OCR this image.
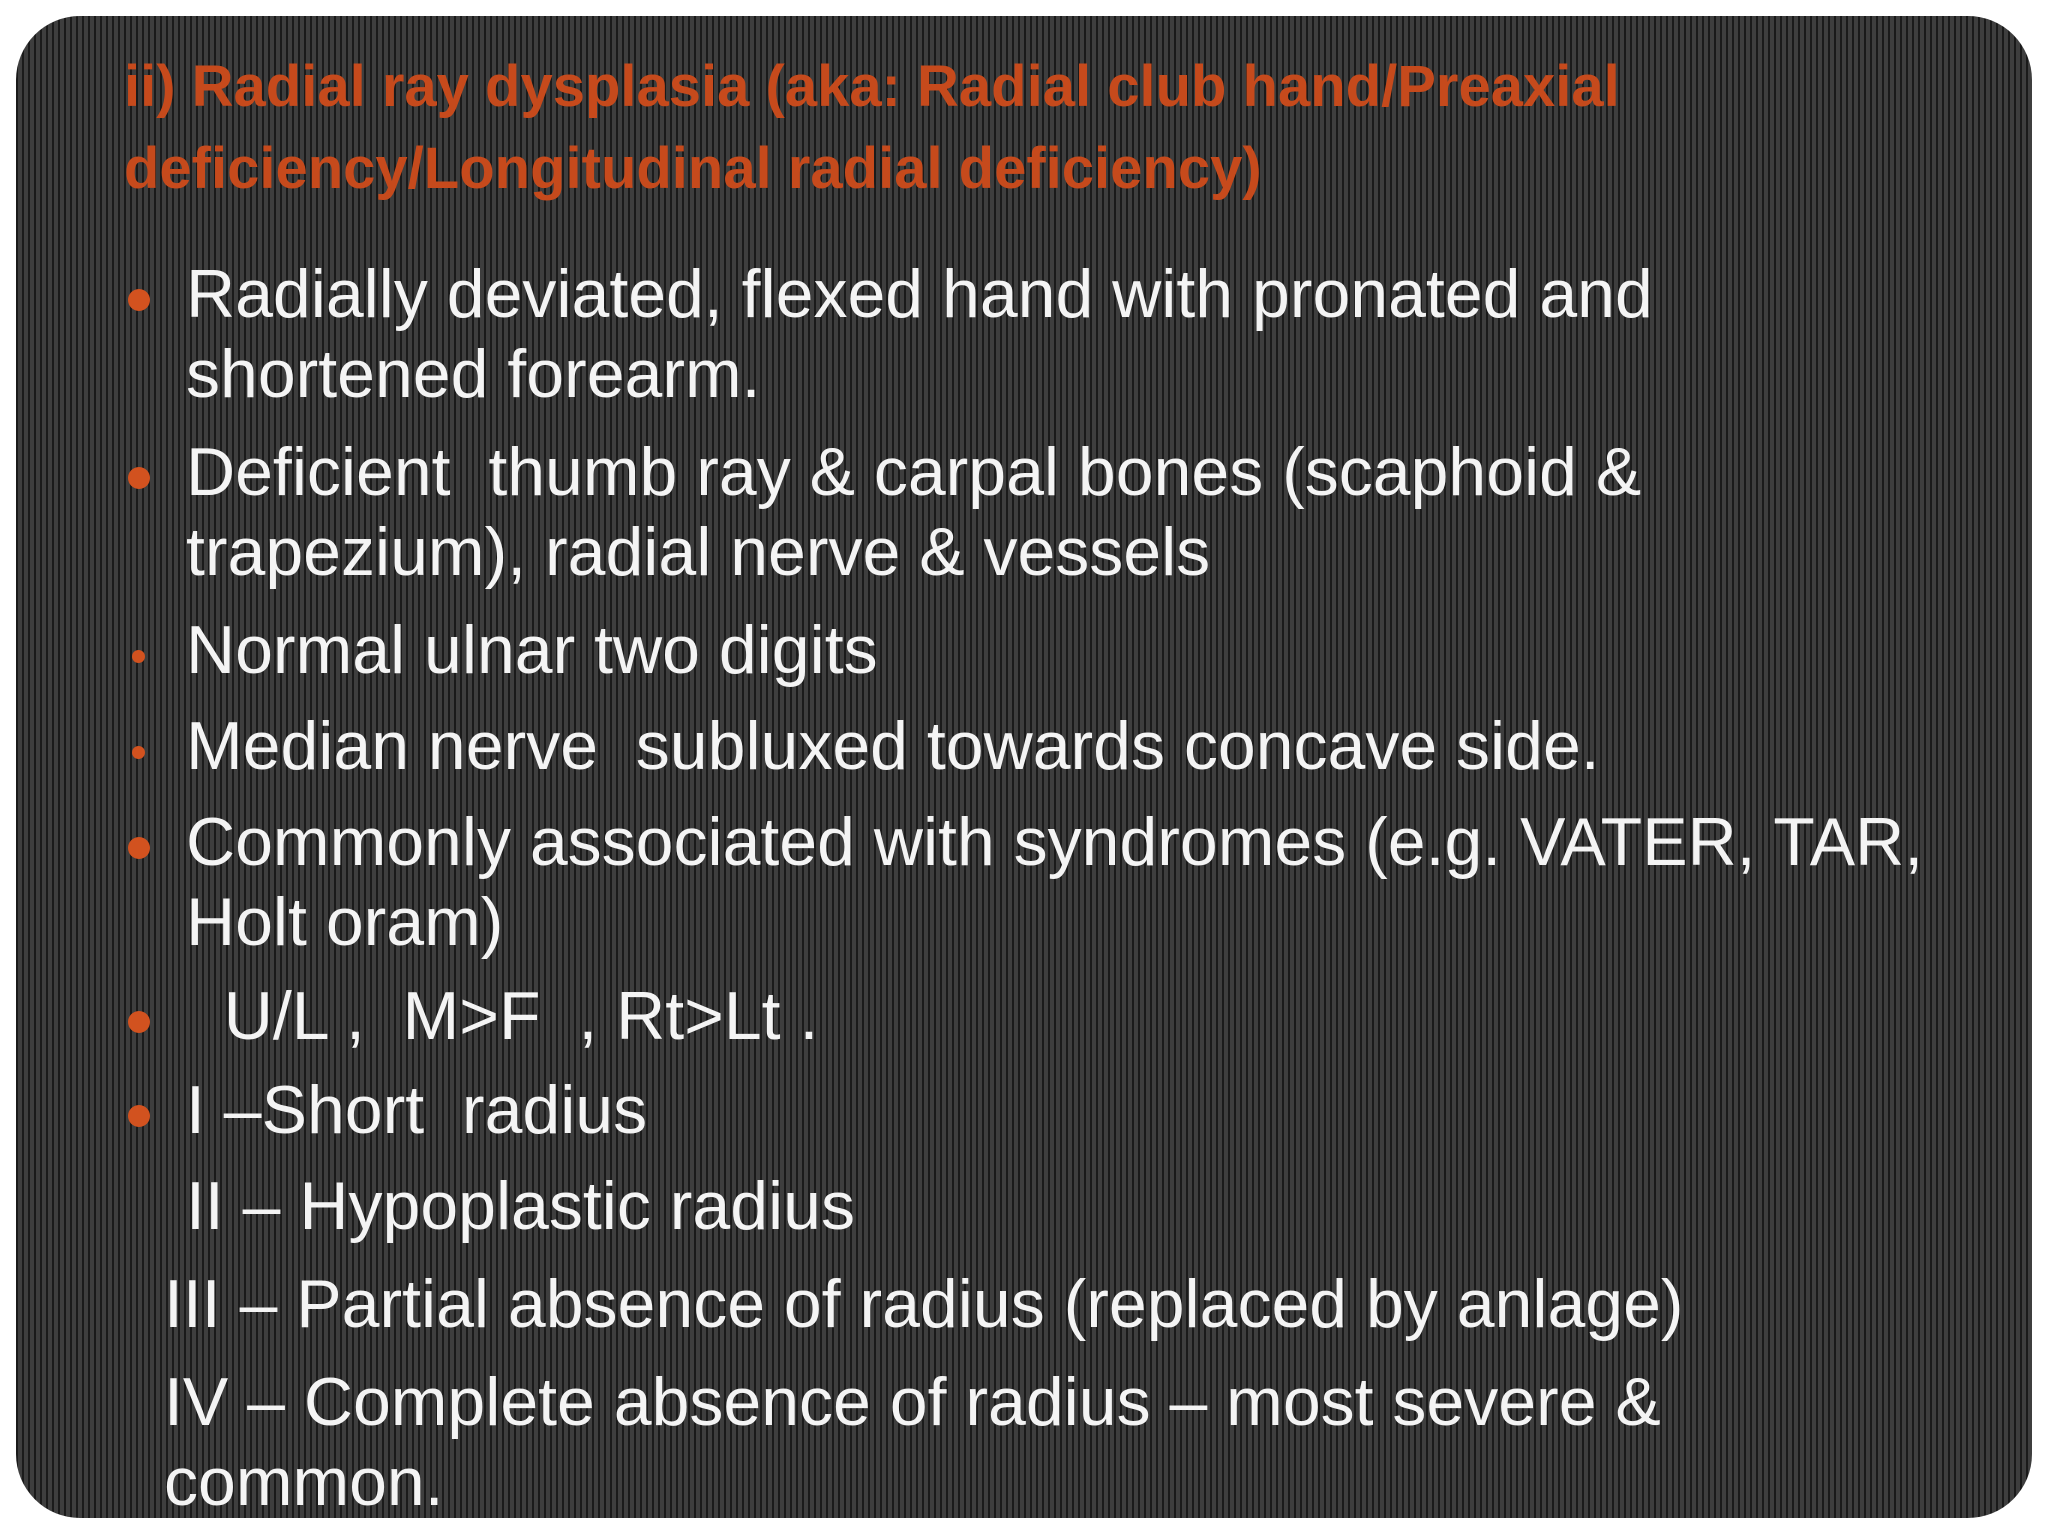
ii) Radial ray dysplasia (aka: Radial club hand/Preaxial deficiency/Longitudinal radial deficiency)
Radially deviated, flexed hand with pronated and shortened forearm.
Deficient  thumb ray & carpal bones (scaphoid & trapezium), radial nerve & vessels
Normal ulnar two digits
Median nerve  subluxed towards concave side.
Commonly associated with syndromes (e.g. VATER, TAR, Holt oram)
U/L ,  M>F  , Rt>Lt .
I –Short  radius
II – Hypoplastic radius
III – Partial absence of radius (replaced by anlage)
IV – Complete absence of radius – most severe & common.
